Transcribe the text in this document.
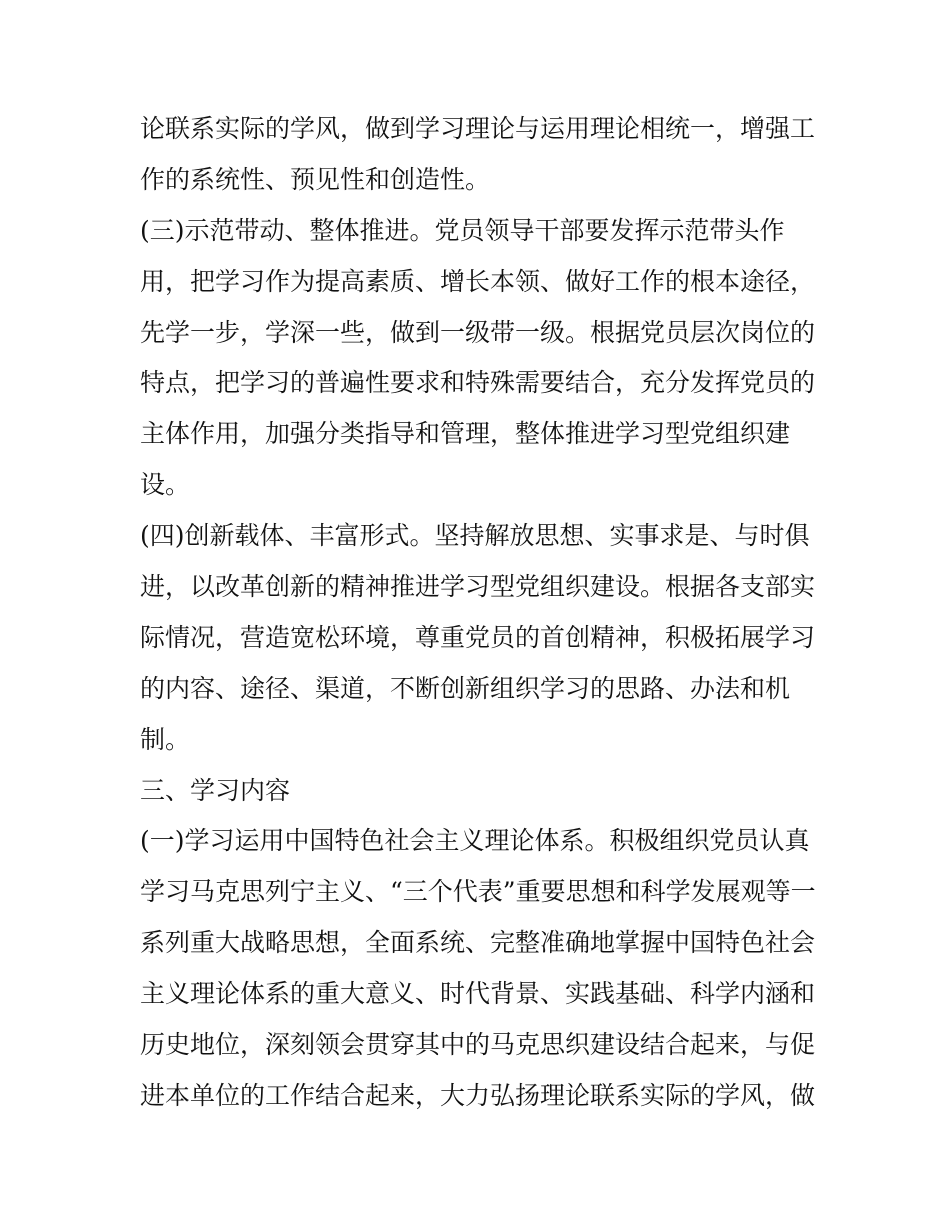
论联系实际的学风，做到学习理论与运用理论相统一，增强工
作的系统性、预见性和创造性。
(三)示范带动、整体推进。党员领导干部要发挥示范带头作
用，把学习作为提高素质、增长本领、做好工作的根本途径，
先学一步，学深一些，做到一级带一级。根据党员层次岗位的
特点，把学习的普遍性要求和特殊需要结合，充分发挥党员的
主体作用，加强分类指导和管理，整体推进学习型党组织建
设。
(四)创新载体、丰富形式。坚持解放思想、实事求是、与时俱
进，以改革创新的精神推进学习型党组织建设。根据各支部实
际情况，营造宽松环境，尊重党员的首创精神，积极拓展学习
的内容、途径、渠道，不断创新组织学习的思路、办法和机
制。
三、学习内容
(一)学习运用中国特色社会主义理论体系。积极组织党员认真
学习马克思列宁主义、“三个代表”重要思想和科学发展观等一
系列重大战略思想，全面系统、完整准确地掌握中国特色社会
主义理论体系的重大意义、时代背景、实践基础、科学内涵和
历史地位，深刻领会贯穿其中的马克思织建设结合起来，与促
进本单位的工作结合起来，大力弘扬理论联系实际的学风，做
